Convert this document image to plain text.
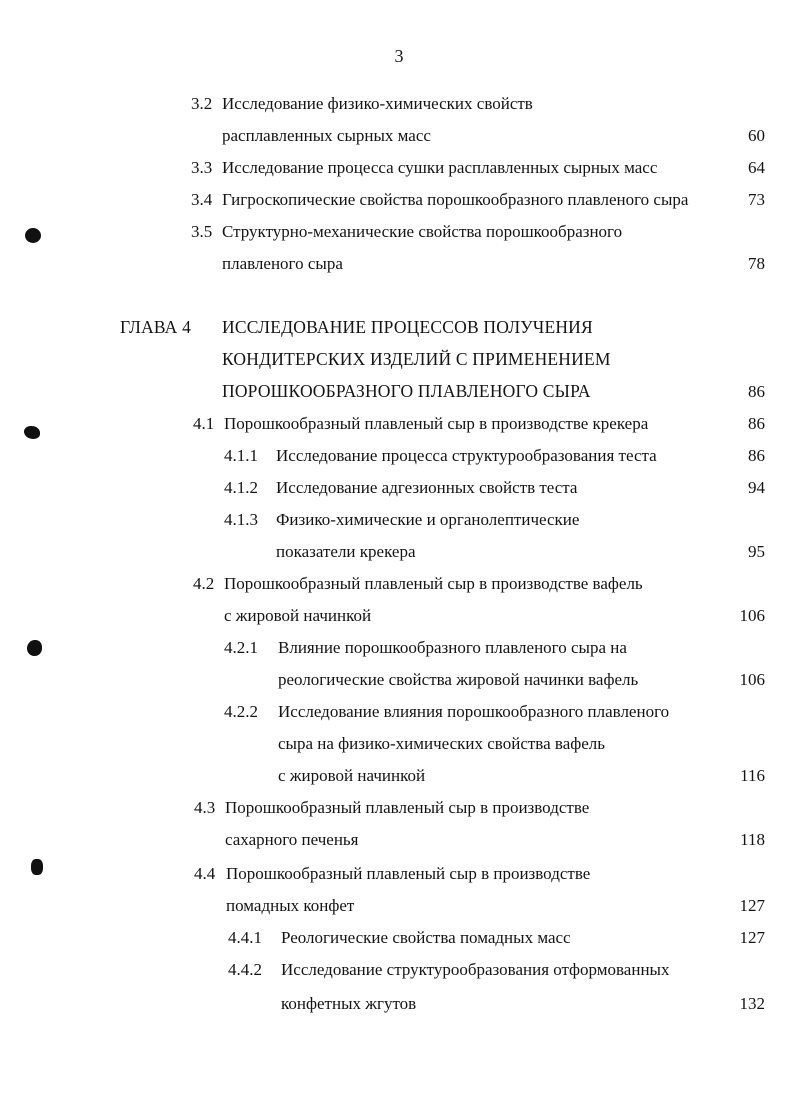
3
3.2 Исследование физико-химических свойств
расплавленных сырных масс	60
3.3 Исследование процесса сушки расплавленных сырных масс	64
3.4 Гигроскопические свойства порошкообразного плавленого сыра	73
3.5 Структурно-механические свойства порошкообразного
плавленого сыра	78
ГЛАВА 4 ИССЛЕДОВАНИЕ ПРОЦЕССОВ ПОЛУЧЕНИЯ
КОНДИТЕРСКИХ ИЗДЕЛИЙ С ПРИМЕНЕНИЕМ
ПОРОШКООБРАЗНОГО ПЛАВЛЕНОГО СЫРА	86
4.1 Порошкообразный плавленый сыр в производстве крекера	86
4.1.1 Исследование процесса структурообразования теста	86
4.1.2 Исследование адгезионных свойств теста	94
4.1.3 Физико-химические и органолептические
показатели крекера	95
4.2 Порошкообразный плавленый сыр в производстве вафель
с жировой начинкой	106
4.2.1 Влияние порошкообразного плавленого сыра на
реологические свойства жировой начинки вафель	106
4.2.2 Исследование влияния порошкообразного плавленого
сыра на физико-химических свойства вафель
с жировой начинкой	116
4.3 Порошкообразный плавленый сыр в производстве
сахарного печенья	118
4.4 Порошкообразный плавленый сыр в производстве
помадных конфет	127
4.4.1 Реологические свойства помадных масс	127
4.4.2 Исследование структурообразования отформованных
конфетных жгутов	132
